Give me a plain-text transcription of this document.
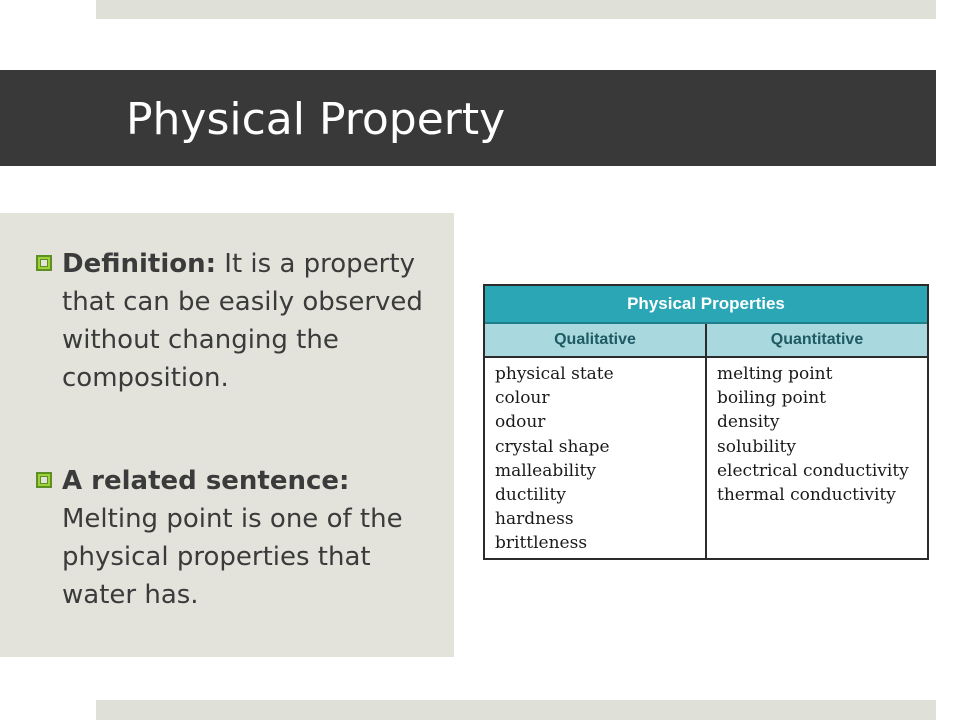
Physical Property
Definition: It is a property that can be easily observed without changing the composition.
A related sentence: Melting point is one of the physical properties that water has.
Physical Properties
Qualitative	Quantitative
physical state
colour
odour
crystal shape
malleability
ductility
hardness
brittleness
melting point
boiling point
density
solubility
electrical conductivity
thermal conductivity
